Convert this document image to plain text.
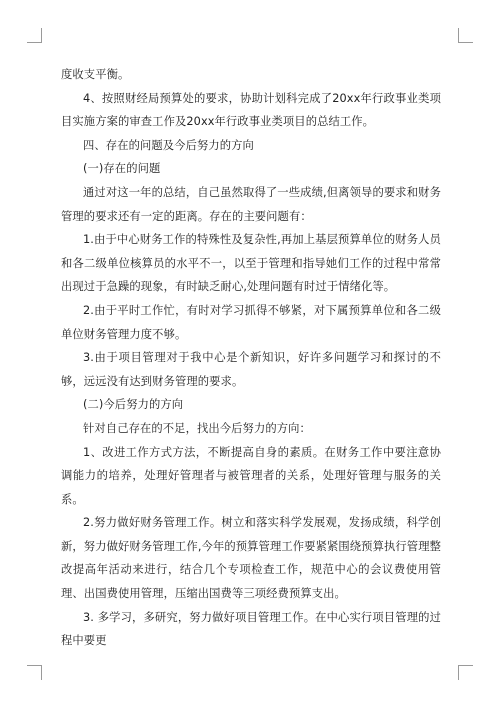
度收支平衡。

4、按照财经局预算处的要求，协助计划科完成了20xx年行政事业类项目实施方案的审查工作及20xx年行政事业类项目的总结工作。

四、存在的问题及今后努力的方向

(一)存在的问题

通过对这一年的总结，自己虽然取得了一些成绩,但离领导的要求和财务管理的要求还有一定的距离。存在的主要问题有：

1.由于中心财务工作的特殊性及复杂性,再加上基层预算单位的财务人员和各二级单位核算员的水平不一，以至于管理和指导她们工作的过程中常常出现过于急躁的现象，有时缺乏耐心,处理问题有时过于情绪化等。

2.由于平时工作忙，有时对学习抓得不够紧，对下属预算单位和各二级单位财务管理力度不够。

3.由于项目管理对于我中心是个新知识，好许多问题学习和探讨的不够，远远没有达到财务管理的要求。

(二)今后努力的方向

针对自己存在的不足，找出今后努力的方向：

1、改进工作方式方法，不断提高自身的素质。在财务工作中要注意协调能力的培养，处理好管理者与被管理者的关系，处理好管理与服务的关系。

2.努力做好财务管理工作。树立和落实科学发展观，发扬成绩，科学创新，努力做好财务管理工作,今年的预算管理工作要紧紧围绕预算执行管理整改提高年活动来进行，结合几个专项检查工作，规范中心的会议费使用管理、出国费使用管理，压缩出国费等三项经费预算支出。

3. 多学习，多研究，努力做好项目管理工作。在中心实行项目管理的过程中要更
